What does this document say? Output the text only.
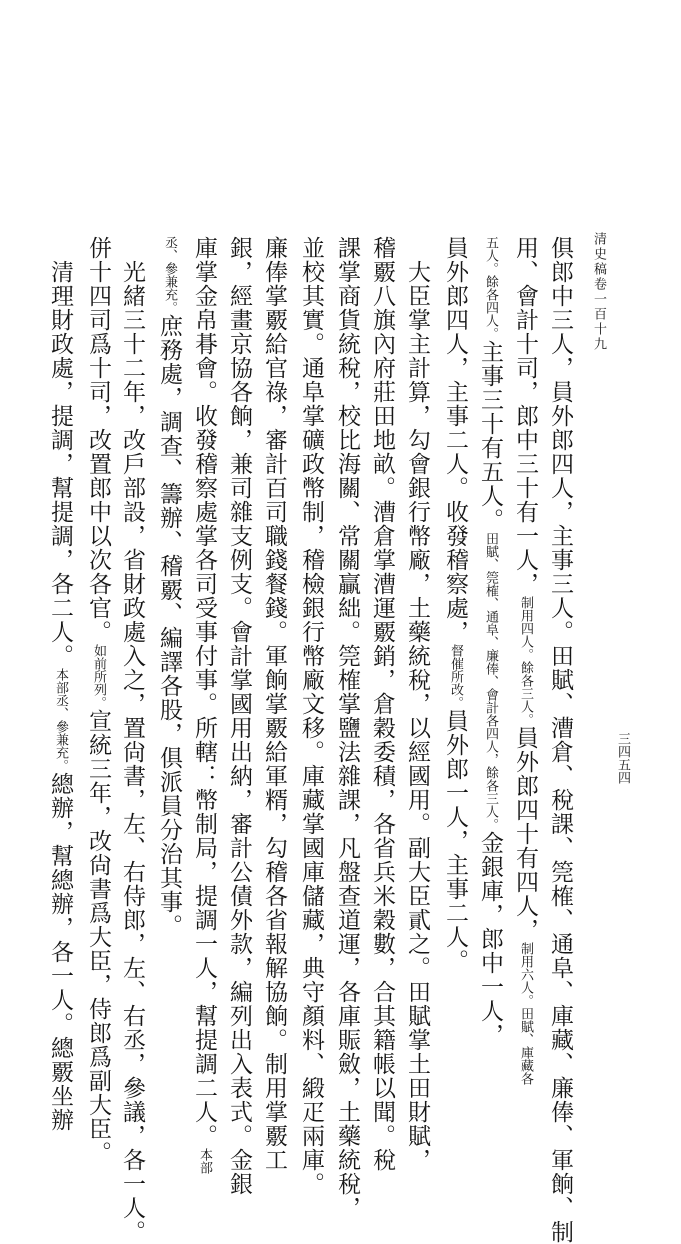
清史稿卷一百十九
三四五四
俱郎中三人，員外郎四人，主事三人。田賦、漕倉、稅課、筦榷、通阜、庫藏、廉俸、軍餉、制
用、會計十司，郎中三十有一人，制用四人。餘各三人。員外郎四十有四人，制用六人。田賦、庫藏各
五人。餘各四人。主事三十有五人。田賦、筦榷、通阜、廉俸、會計各四人，餘各三人。金銀庫，郎中一人，
員外郎四人，主事二人。收發稽察處，督催所改。員外郎一人，主事二人。
大臣掌主計算，勾會銀行幣廠，土藥統稅，以經國用。副大臣貳之。田賦掌土田財賦，
稽覈八旗內府莊田地畝。漕倉掌漕運覈銷，倉穀委積，各省兵米穀數，合其籍帳以聞。稅
課掌商貨統稅，校比海關、常關贏絀。筦榷掌鹽法雜課，凡盤查道運，各庫賑斂，土藥統稅，
並校其實。通阜掌礦政幣制，稽檢銀行幣廠文移。庫藏掌國庫儲藏，典守顏料、緞疋兩庫。
廉俸掌覈給官祿，審計百司職錢餐錢。軍餉掌覈給軍糈，勾稽各省報解協餉。制用掌覈工
銀，經畫京協各餉，兼司雜支例支。會計掌國用出納，審計公債外款，編列出入表式。金銀
庫掌金帛朞會。收發稽察處掌各司受事付事。所轄：幣制局，提調一人，幫提調二人。本部
丞、參兼充。庶務處，調查、籌辦、稽覈、編譯各股，俱派員分治其事。
光緒三十二年，改戶部設，省財政處入之，置尙書，左、右侍郎，左、右丞，參議，各一人。
併十四司爲十司，改置郎中以次各官。如前所列。宣統三年，改尙書爲大臣，侍郎爲副大臣。
清理財政處，提調，幫提調，各二人。本部丞、參兼充。總辦，幫總辦，各一人。總覈坐辦
